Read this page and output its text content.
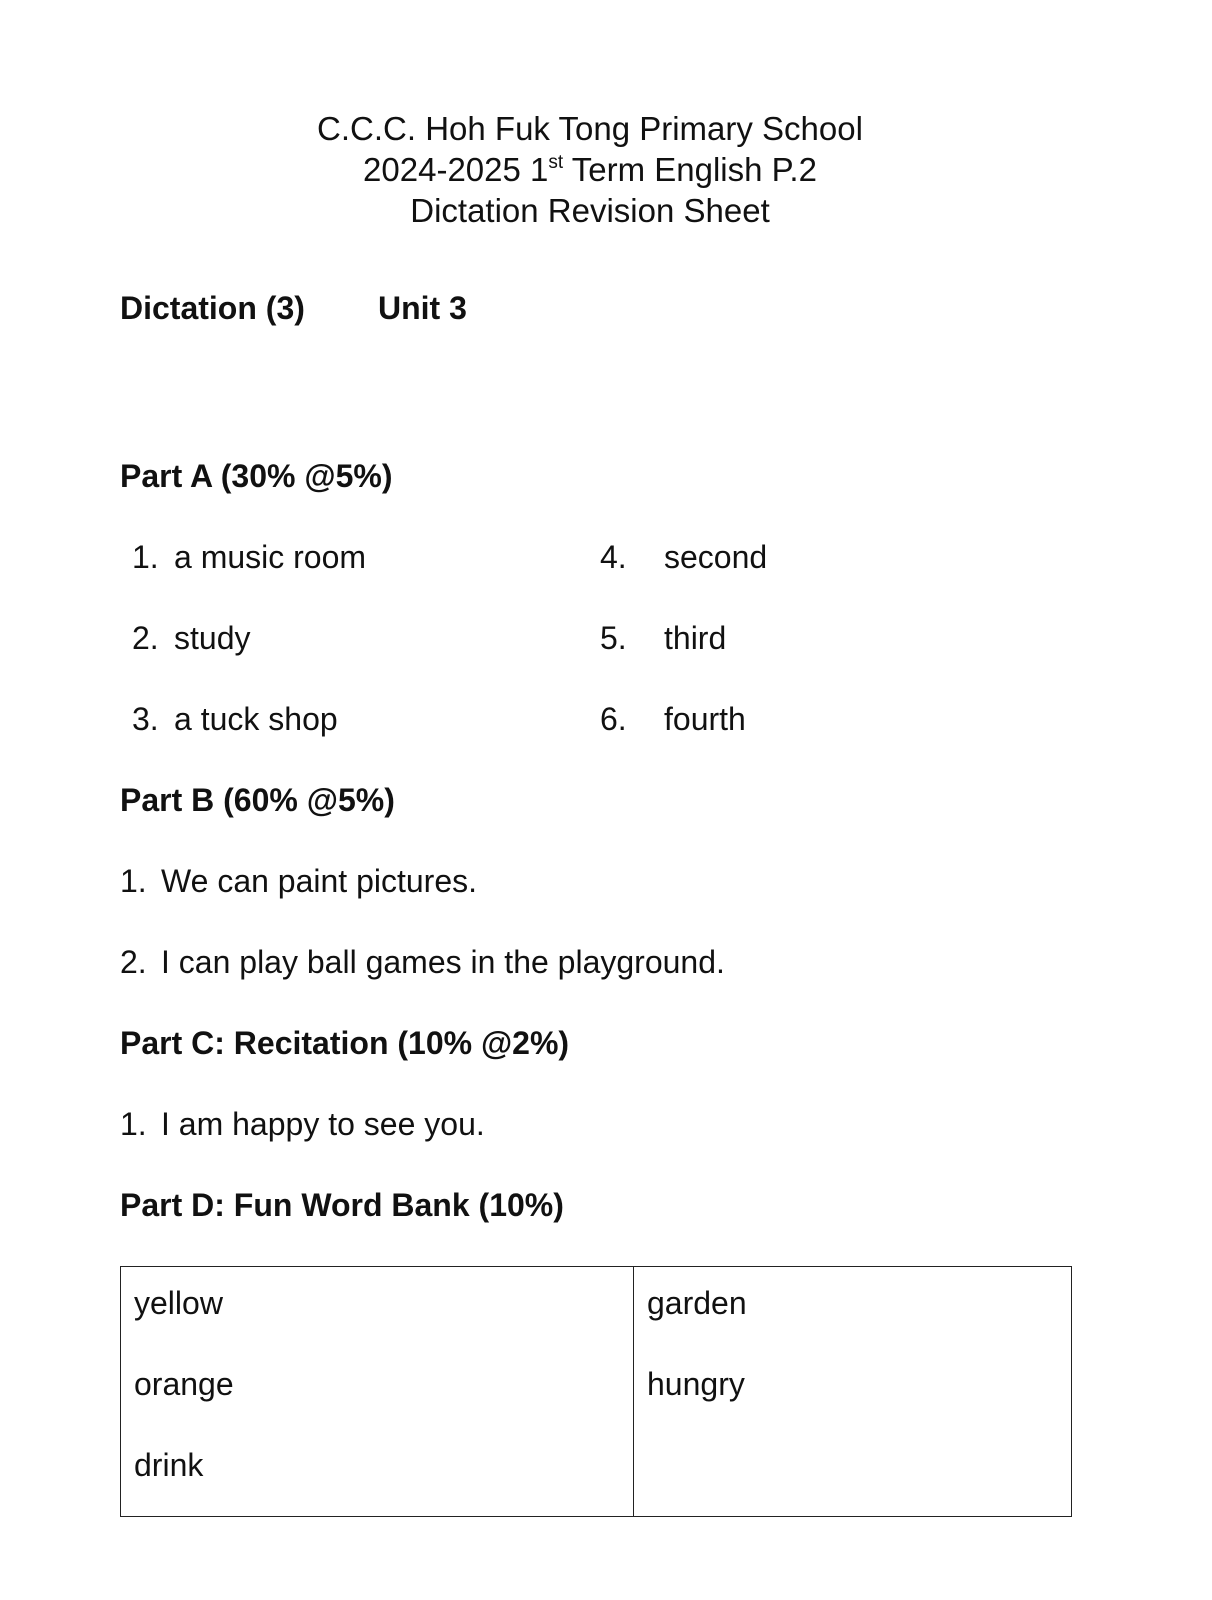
C.C.C. Hoh Fuk Tong Primary School
2024-2025 1st Term English P.2
Dictation Revision Sheet
Dictation (3) Unit 3
Part A (30% @5%)
1. a music room
2. study
3. a tuck shop
4. second
5. third
6. fourth
Part B (60% @5%)
1. We can paint pictures.
2. I can play ball games in the playground.
Part C: Recitation (10% @2%)
1. I am happy to see you.
Part D: Fun Word Bank (10%)
yellow
orange
drink
garden
hungry
